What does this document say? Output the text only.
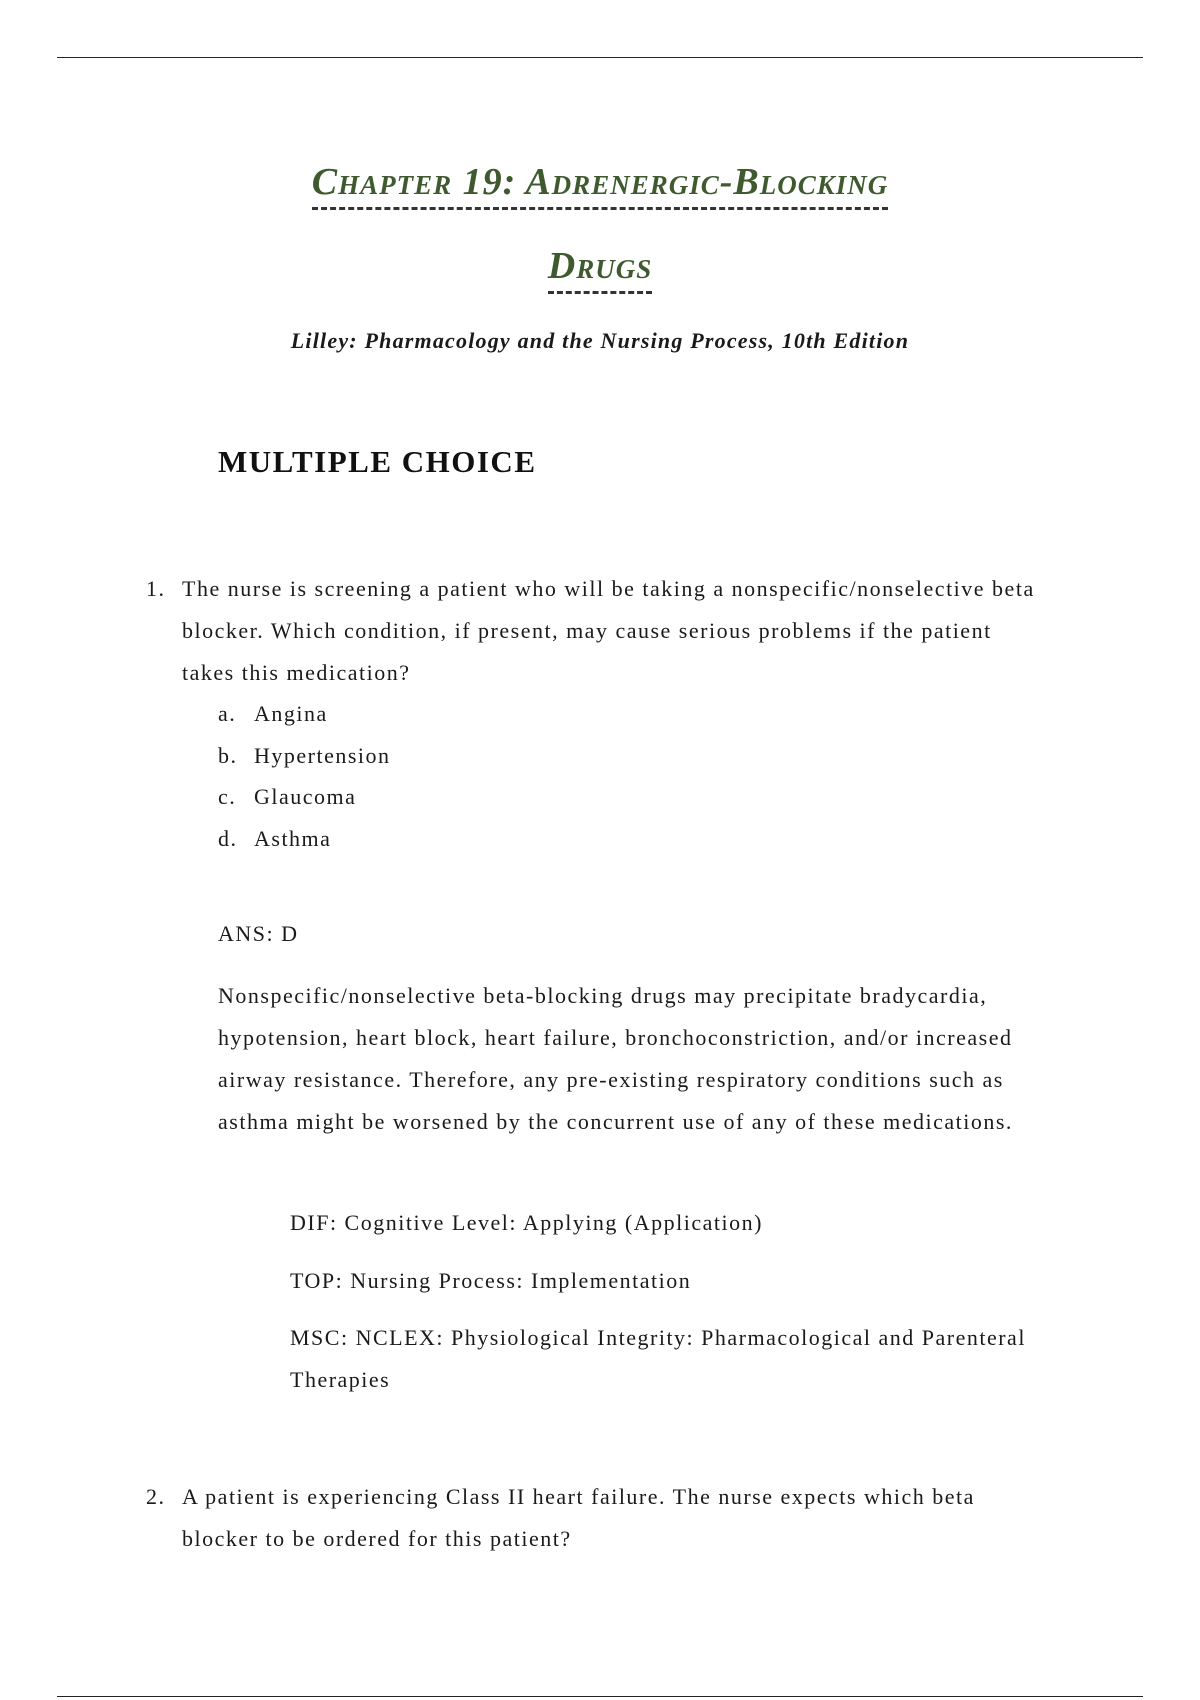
Chapter 19: Adrenergic-Blocking
Drugs
Lilley: Pharmacology and the Nursing Process, 10th Edition
MULTIPLE CHOICE
1. The nurse is screening a patient who will be taking a nonspecific/nonselective beta blocker. Which condition, if present, may cause serious problems if the patient takes this medication?
a. Angina
b. Hypertension
c. Glaucoma
d. Asthma
ANS: D
Nonspecific/nonselective beta-blocking drugs may precipitate bradycardia, hypotension, heart block, heart failure, bronchoconstriction, and/or increased airway resistance. Therefore, any pre-existing respiratory conditions such as asthma might be worsened by the concurrent use of any of these medications.
DIF: Cognitive Level: Applying (Application)
TOP: Nursing Process: Implementation
MSC: NCLEX: Physiological Integrity: Pharmacological and Parenteral Therapies
2. A patient is experiencing Class II heart failure. The nurse expects which beta blocker to be ordered for this patient?
